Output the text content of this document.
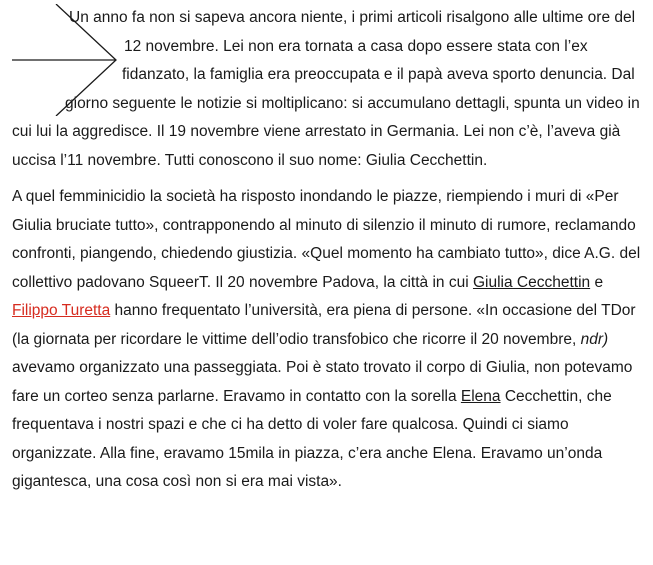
Un anno fa non si sapeva ancora niente, i primi articoli risalgono alle ultime ore del 12 novembre. Lei non era tornata a casa dopo essere stata con l’ex fidanzato, la famiglia era preoccupata e il papà aveva sporto denuncia. Dal giorno seguente le notizie si moltiplicano: si accumulano dettagli, spunta un video in cui lui la aggredisce. Il 19 novembre viene arrestato in Germania. Lei non c’è, l’aveva già uccisa l’11 novembre. Tutti conoscono il suo nome: Giulia Cecchettin.

A quel femminicidio la società ha risposto inondando le piazze, riempiendo i muri di «Per Giulia bruciate tutto», contrapponendo al minuto di silenzio il minuto di rumore, reclamando confronti, piangendo, chiedendo giustizia. «Quel momento ha cambiato tutto», dice A.G. del collettivo padovano SqueerT. Il 20 novembre Padova, la città in cui Giulia Cecchettin e Filippo Turetta hanno frequentato l’università, era piena di persone. «In occasione del TDor (la giornata per ricordare le vittime dell’odio transfobico che ricorre il 20 novembre, ndr) avevamo organizzato una passeggiata. Poi è stato trovato il corpo di Giulia, non potevamo fare un corteo senza parlarne. Eravamo in contatto con la sorella Elena Cecchettin, che frequentava i nostri spazi e che ci ha detto di voler fare qualcosa. Quindi ci siamo organizzate. Alla fine, eravamo 15mila in piazza, c’era anche Elena. Eravamo un’onda gigantesca, una cosa così non si era mai vista».
